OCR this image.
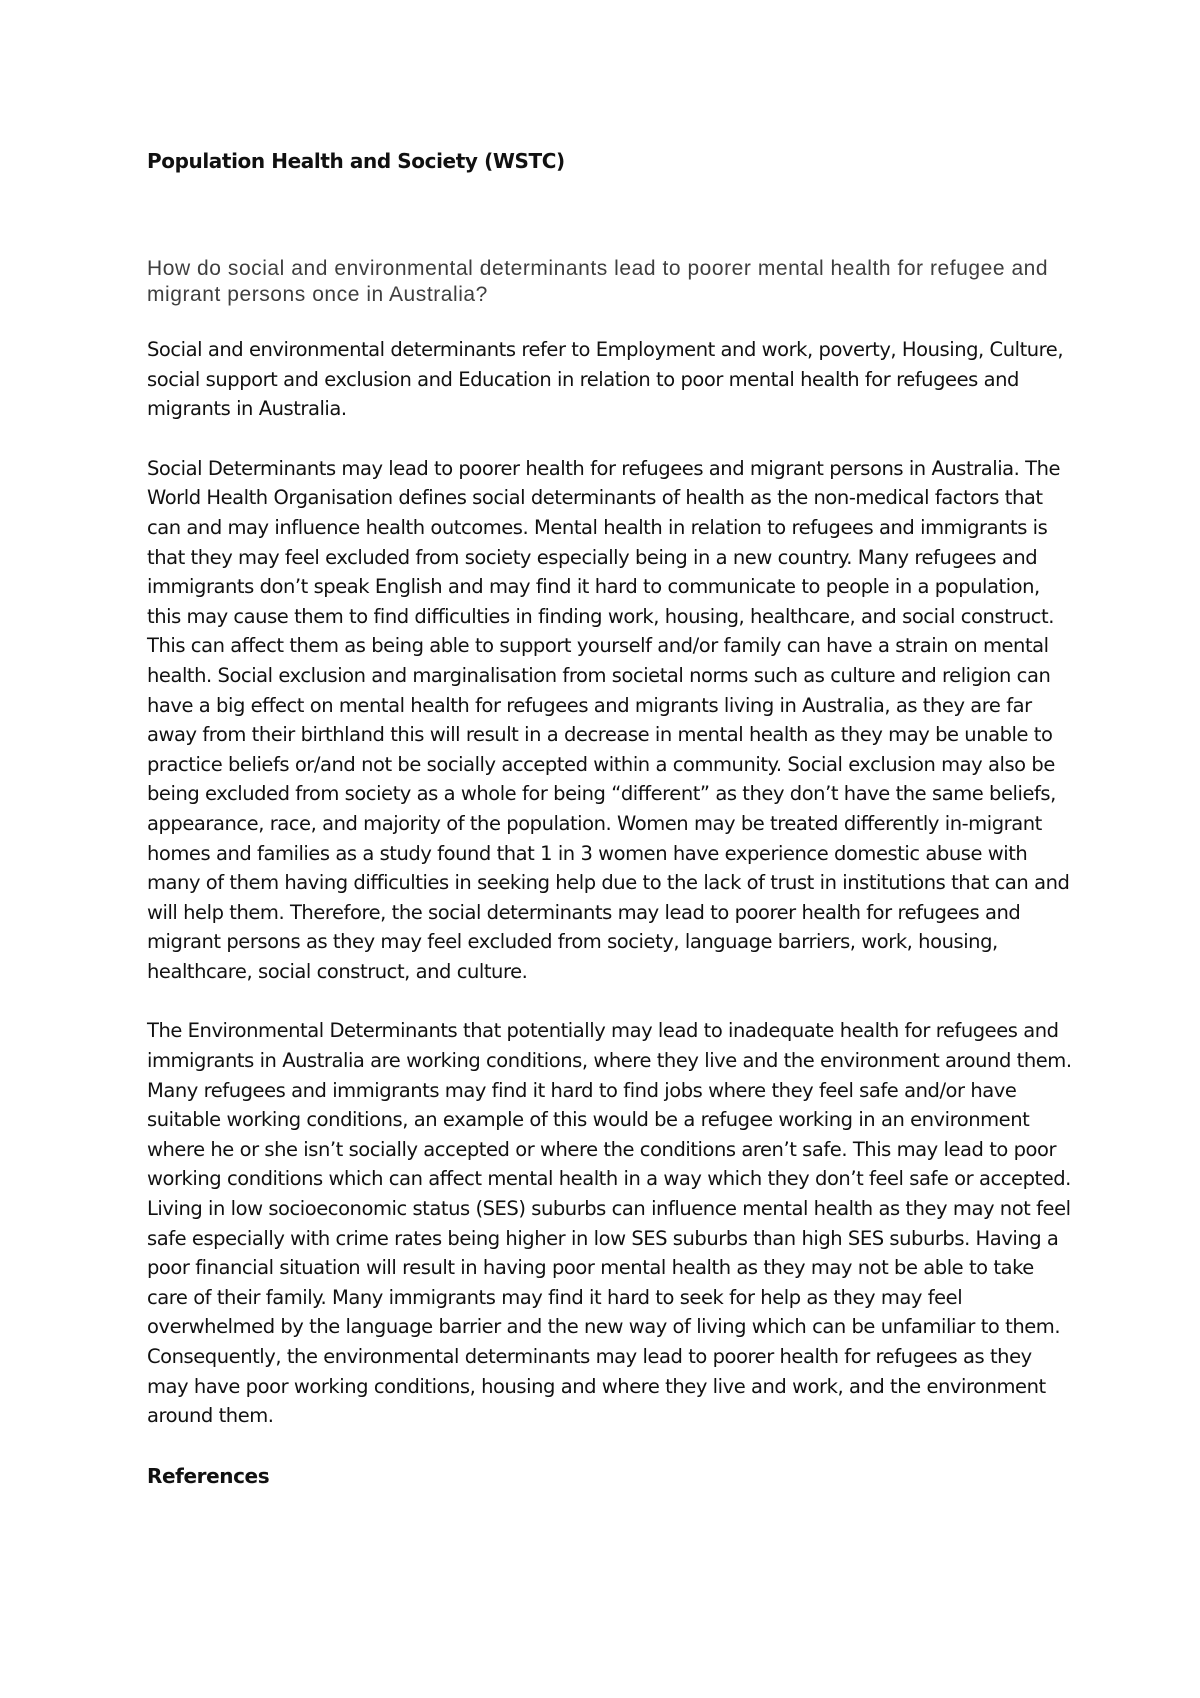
Population Health and Society (WSTC)

How do social and environmental determinants lead to poorer mental health for refugee and migrant persons once in Australia?

Social and environmental determinants refer to Employment and work, poverty, Housing, Culture, social support and exclusion and Education in relation to poor mental health for refugees and migrants in Australia.

Social Determinants may lead to poorer health for refugees and migrant persons in Australia. The World Health Organisation defines social determinants of health as the non-medical factors that can and may influence health outcomes. Mental health in relation to refugees and immigrants is that they may feel excluded from society especially being in a new country. Many refugees and immigrants don’t speak English and may find it hard to communicate to people in a population, this may cause them to find difficulties in finding work, housing, healthcare, and social construct. This can affect them as being able to support yourself and/or family can have a strain on mental health. Social exclusion and marginalisation from societal norms such as culture and religion can have a big effect on mental health for refugees and migrants living in Australia, as they are far away from their birthland this will result in a decrease in mental health as they may be unable to practice beliefs or/and not be socially accepted within a community. Social exclusion may also be being excluded from society as a whole for being “different” as they don’t have the same beliefs, appearance, race, and majority of the population. Women may be treated differently in-migrant homes and families as a study found that 1 in 3 women have experience domestic abuse with many of them having difficulties in seeking help due to the lack of trust in institutions that can and will help them. Therefore, the social determinants may lead to poorer health for refugees and migrant persons as they may feel excluded from society, language barriers, work, housing, healthcare, social construct, and culture.

The Environmental Determinants that potentially may lead to inadequate health for refugees and immigrants in Australia are working conditions, where they live and the environment around them. Many refugees and immigrants may find it hard to find jobs where they feel safe and/or have suitable working conditions, an example of this would be a refugee working in an environment where he or she isn’t socially accepted or where the conditions aren’t safe. This may lead to poor working conditions which can affect mental health in a way which they don’t feel safe or accepted. Living in low socioeconomic status (SES) suburbs can influence mental health as they may not feel safe especially with crime rates being higher in low SES suburbs than high SES suburbs. Having a poor financial situation will result in having poor mental health as they may not be able to take care of their family. Many immigrants may find it hard to seek for help as they may feel overwhelmed by the language barrier and the new way of living which can be unfamiliar to them. Consequently, the environmental determinants may lead to poorer health for refugees as they may have poor working conditions, housing and where they live and work, and the environment around them.

References
